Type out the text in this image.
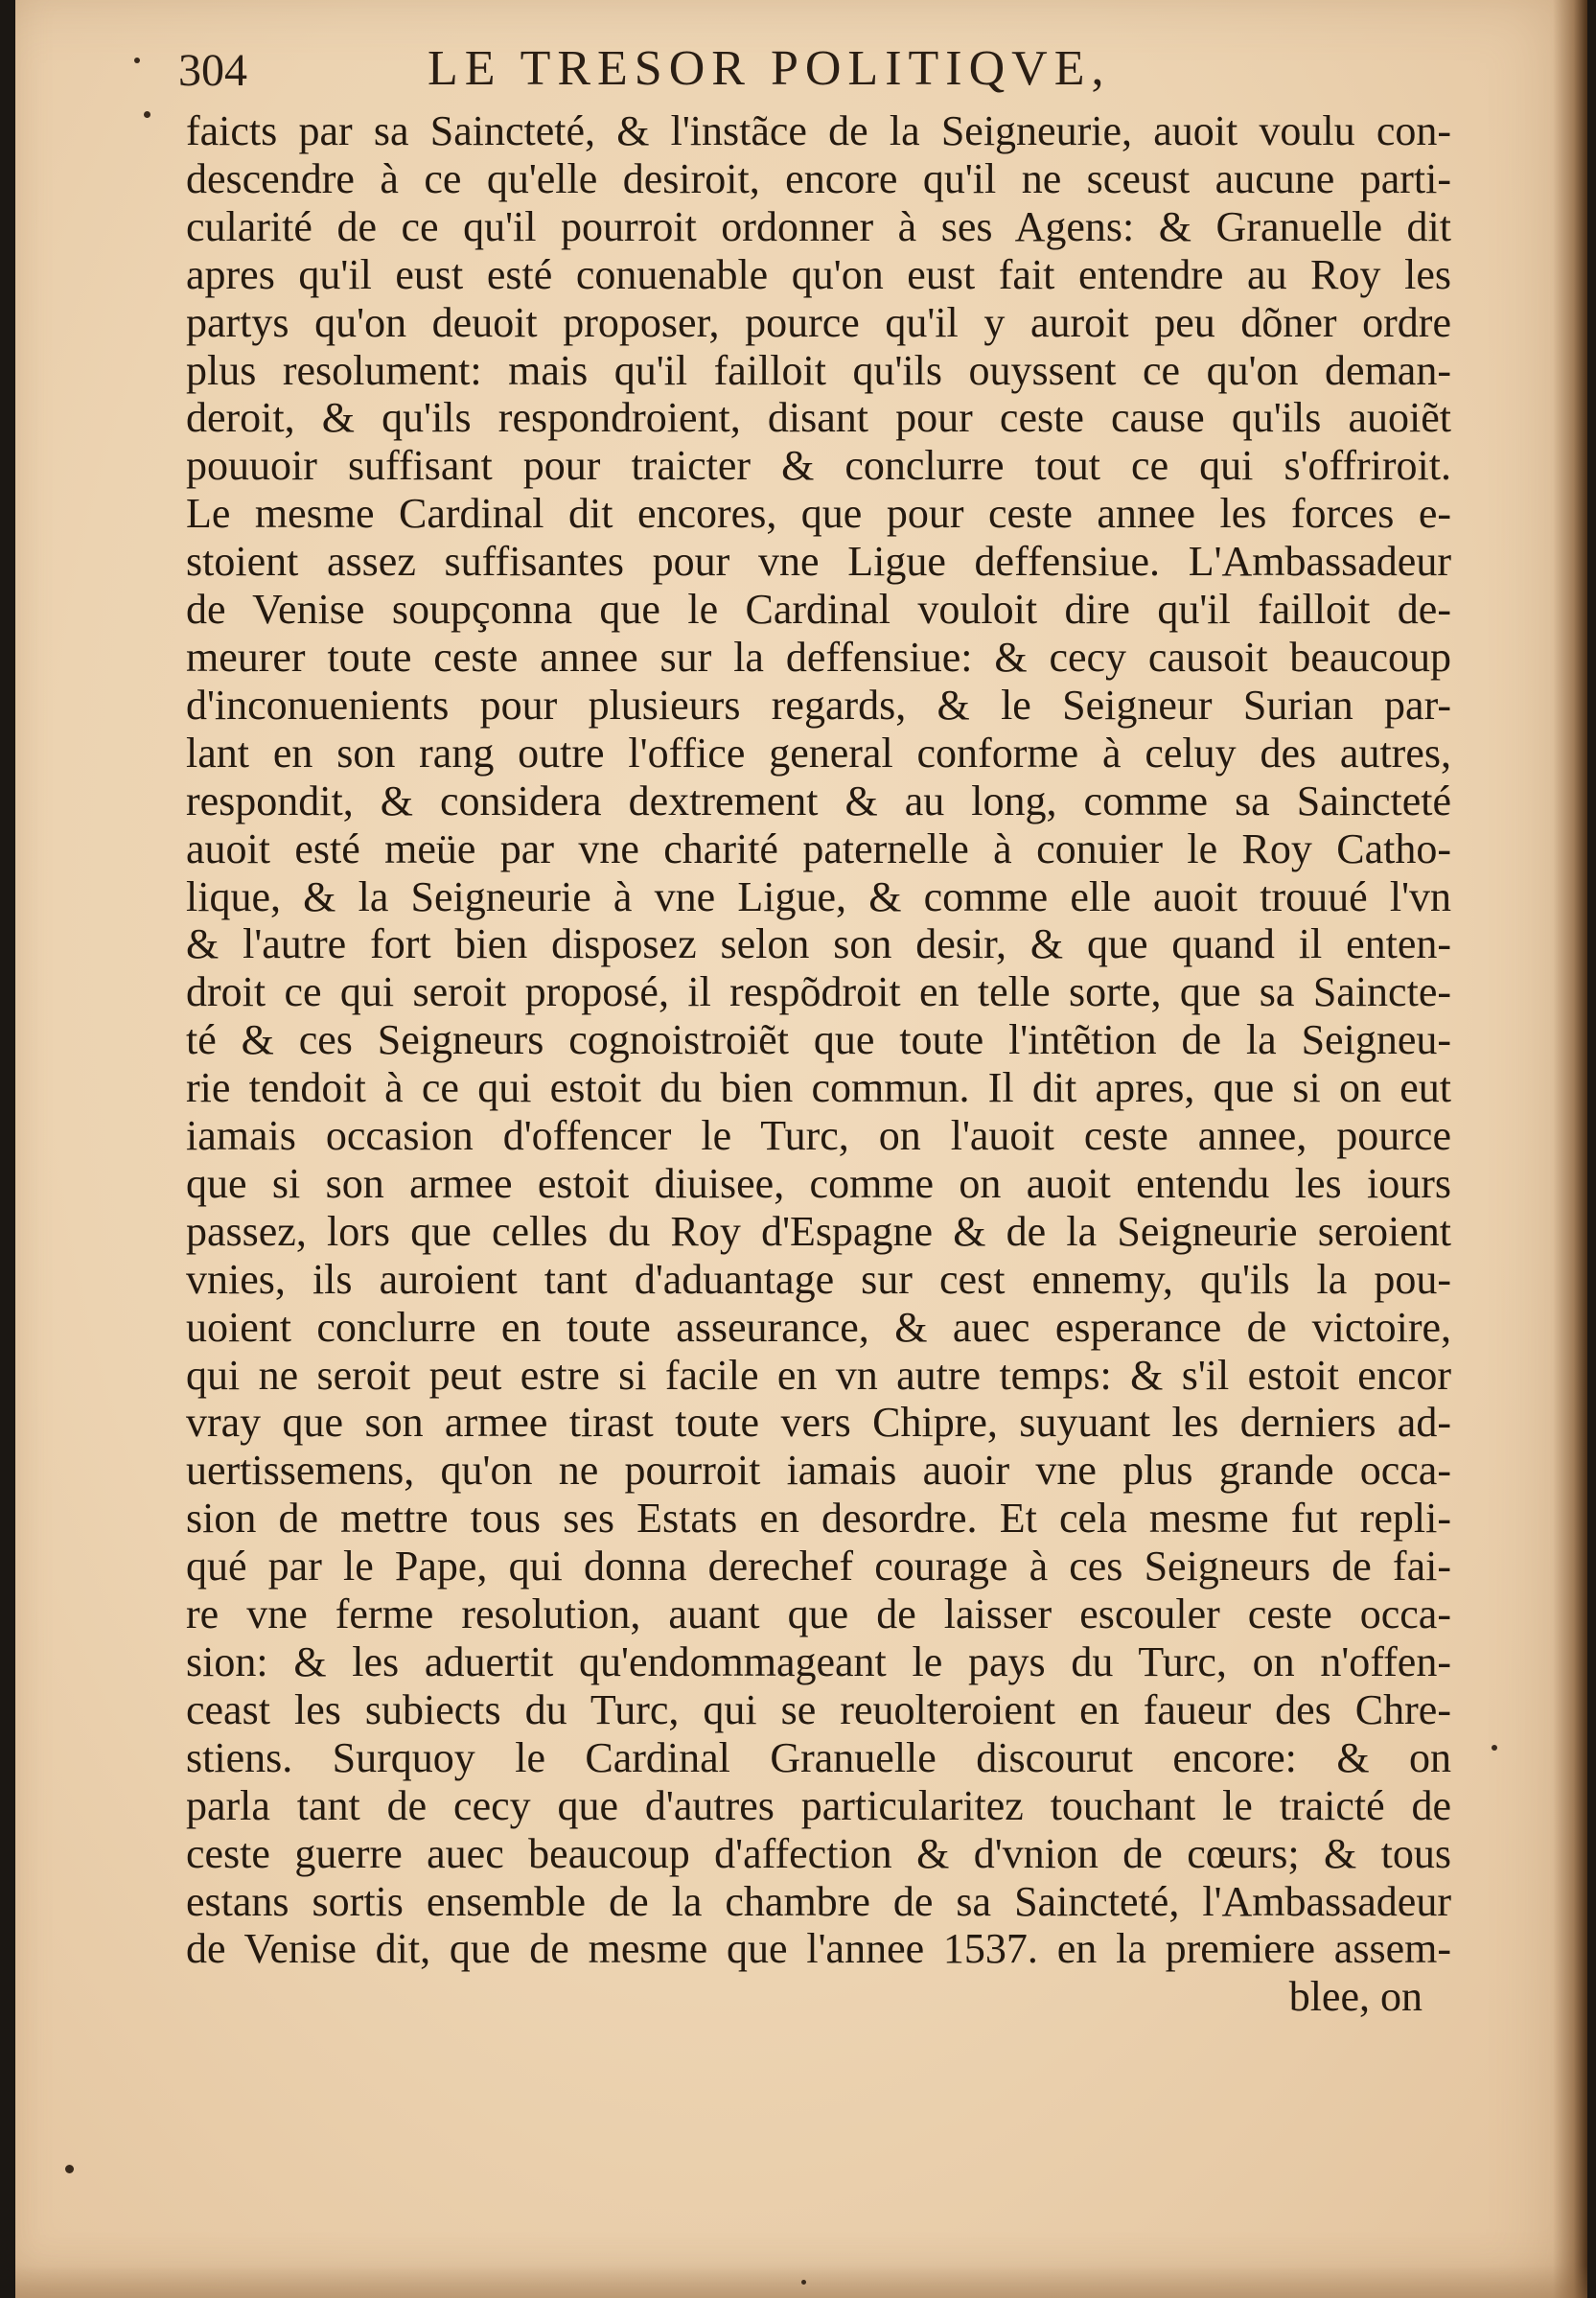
304	LE TRESOR POLITIQVE,
faicts par sa Saincteté, & l'instãce de la Seigneurie, auoit voulu con-
descendre à ce qu'elle desiroit, encore qu'il ne sceust aucune parti-
cularité de ce qu'il pourroit ordonner à ses Agens: & Granuelle dit
apres qu'il eust esté conuenable qu'on eust fait entendre au Roy les
partys qu'on deuoit proposer, pource qu'il y auroit peu dõner ordre
plus resolument: mais qu'il failloit qu'ils ouyssent ce qu'on deman-
deroit, & qu'ils respondroient, disant pour ceste cause qu'ils auoiẽt
pouuoir suffisant pour traicter & conclurre tout ce qui s'offriroit.
Le mesme Cardinal dit encores, que pour ceste annee les forces e-
stoient assez suffisantes pour vne Ligue deffensiue. L'Ambassadeur
de Venise soupçonna que le Cardinal vouloit dire qu'il failloit de-
meurer toute ceste annee sur la deffensiue: & cecy causoit beaucoup
d'inconuenients pour plusieurs regards, & le Seigneur Surian par-
lant en son rang outre l'office general conforme à celuy des autres,
respondit, & considera dextrement & au long, comme sa Saincteté
auoit esté meüe par vne charité paternelle à conuier le Roy Catho-
lique, & la Seigneurie à vne Ligue, & comme elle auoit trouué l'vn
& l'autre fort bien disposez selon son desir, & que quand il enten-
droit ce qui seroit proposé, il respõdroit en telle sorte, que sa Saincte-
té & ces Seigneurs cognoistroiẽt que toute l'intẽtion de la Seigneu-
rie tendoit à ce qui estoit du bien commun. Il dit apres, que si on eut
iamais occasion d'offencer le Turc, on l'auoit ceste annee, pource
que si son armee estoit diuisee, comme on auoit entendu les iours
passez, lors que celles du Roy d'Espagne & de la Seigneurie seroient
vnies, ils auroient tant d'aduantage sur cest ennemy, qu'ils la pou-
uoient conclurre en toute asseurance, & auec esperance de victoire,
qui ne seroit peut estre si facile en vn autre temps: & s'il estoit encor
vray que son armee tirast toute vers Chipre, suyuant les derniers ad-
uertissemens, qu'on ne pourroit iamais auoir vne plus grande occa-
sion de mettre tous ses Estats en desordre. Et cela mesme fut repli-
qué par le Pape, qui donna derechef courage à ces Seigneurs de fai-
re vne ferme resolution, auant que de laisser escouler ceste occa-
sion: & les aduertit qu'endommageant le pays du Turc, on n'offen-
ceast les subiects du Turc, qui se reuolteroient en faueur des Chre-
stiens. Surquoy le Cardinal Granuelle discourut encore: & on
parla tant de cecy que d'autres particularitez touchant le traicté de
ceste guerre auec beaucoup d'affection & d'vnion de cœurs; & tous
estans sortis ensemble de la chambre de sa Saincteté, l'Ambassadeur
de Venise dit, que de mesme que l'annee 1537. en la premiere assem-
blee, on
